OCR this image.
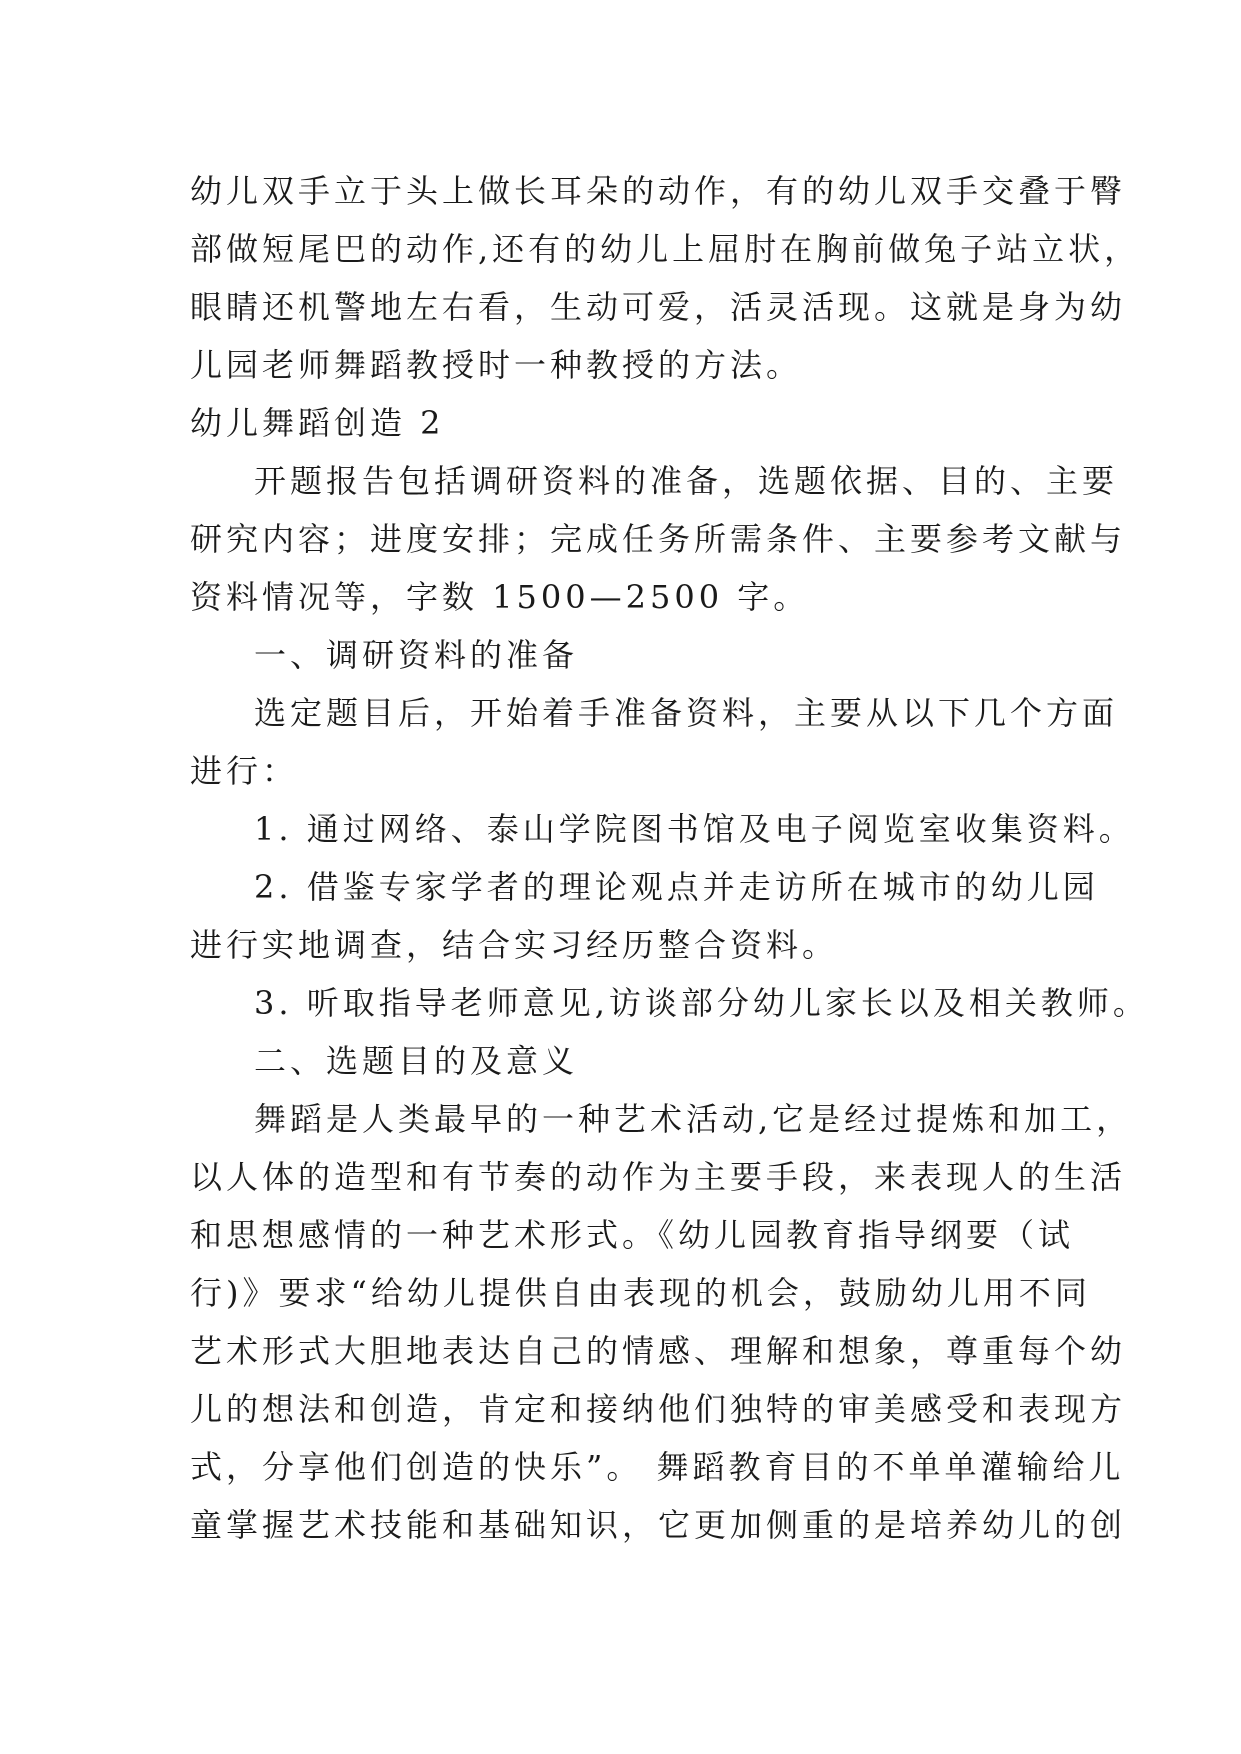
幼儿双手立于头上做长耳朵的动作，有的幼儿双手交叠于臀
部做短尾巴的动作,还有的幼儿上屈肘在胸前做兔子站立状，
眼睛还机警地左右看，生动可爱，活灵活现。这就是身为幼
儿园老师舞蹈教授时一种教授的方法。
幼儿舞蹈创造 2
开题报告包括调研资料的准备，选题依据、目的、主要
研究内容；进度安排；完成任务所需条件、主要参考文献与
资料情况等，字数 1500—2500 字。
一、调研资料的准备
选定题目后，开始着手准备资料，主要从以下几个方面
进行：
1. 通过网络、泰山学院图书馆及电子阅览室收集资料。
2. 借鉴专家学者的理论观点并走访所在城市的幼儿园
进行实地调查，结合实习经历整合资料。
3. 听取指导老师意见,访谈部分幼儿家长以及相关教师。
二、选题目的及意义
舞蹈是人类最早的一种艺术活动,它是经过提炼和加工，
以人体的造型和有节奏的动作为主要手段，来表现人的生活
和思想感情的一种艺术形式。《幼儿园教育指导纲要（试
行)》要求“给幼儿提供自由表现的机会，鼓励幼儿用不同
艺术形式大胆地表达自己的情感、理解和想象，尊重每个幼
儿的想法和创造，肯定和接纳他们独特的审美感受和表现方
式，分享他们创造的快乐”。 舞蹈教育目的不单单灌输给儿
童掌握艺术技能和基础知识，它更加侧重的是培养幼儿的创
